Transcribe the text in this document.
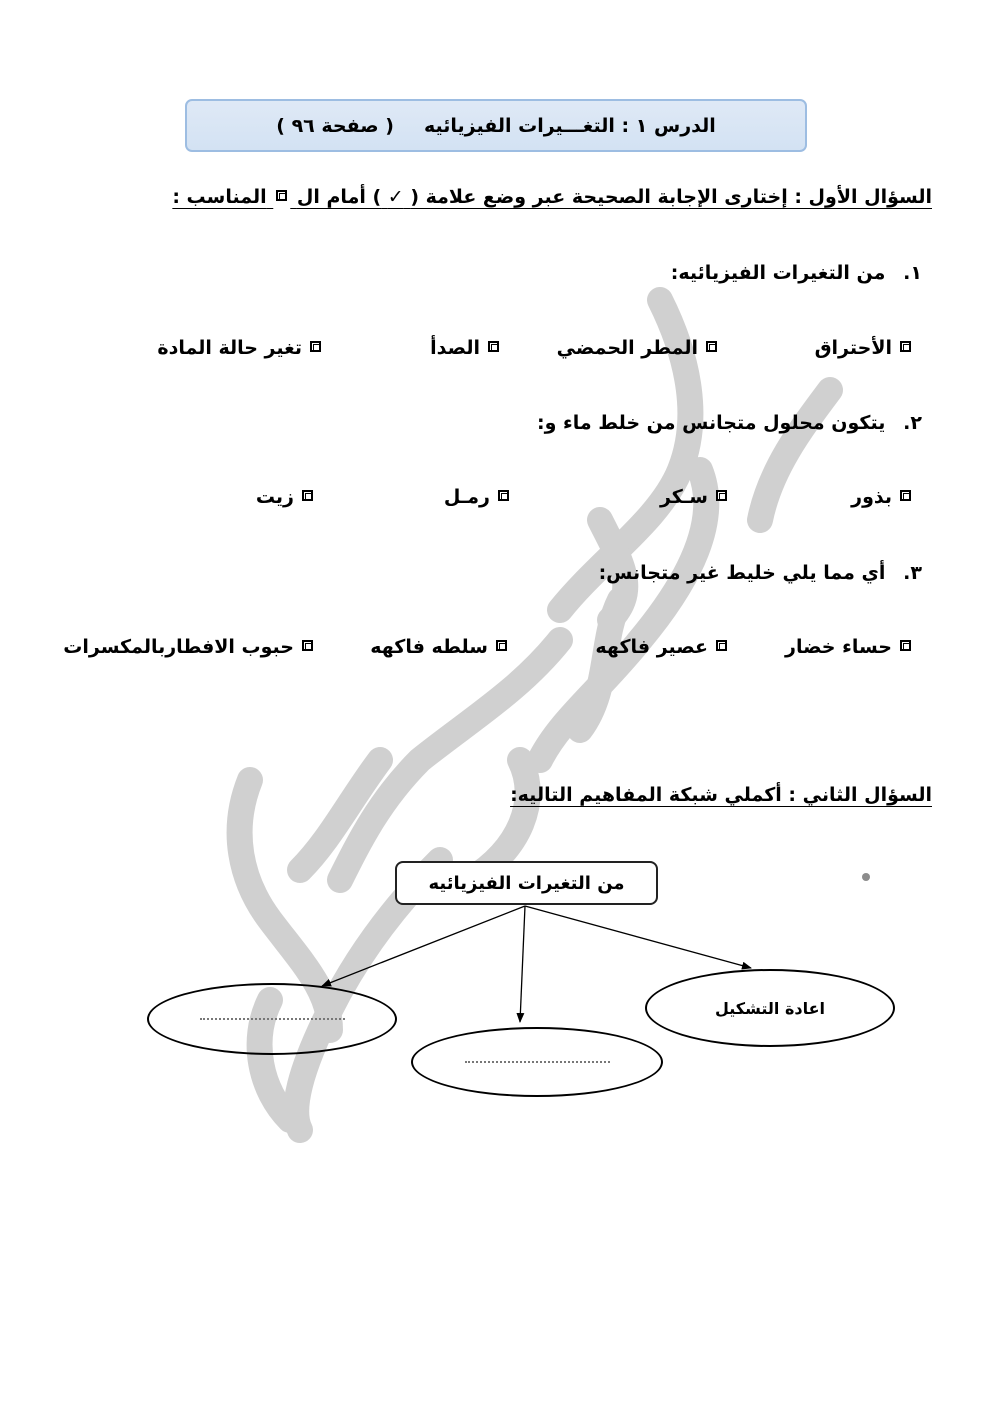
الدرس ١ : التغـــيرات الفيزيائيه
( صفحة ٩٦ )
السؤال الأول : إختارى الإجابة الصحيحة عبر وضع علامة ( ✓ ) أمام ال  المناسب :
١. من التغيرات الفيزيائيه:
الأحتراق
المطر الحمضي
الصدأ
تغير حالة المادة
٢. يتكون محلول متجانس من خلط ماء و:
بذور
سـكر
رمـل
زيت
٣. أي مما يلي خليط غير متجانس:
حساء خضار
عصير فاكهه
سلطه فاكهه
حبوب الافطاربالمكسرات
السؤال الثاني : أكملي شبكة المفاهيم التاليه:
من التغيرات الفيزيائيه
اعادة التشكيل
